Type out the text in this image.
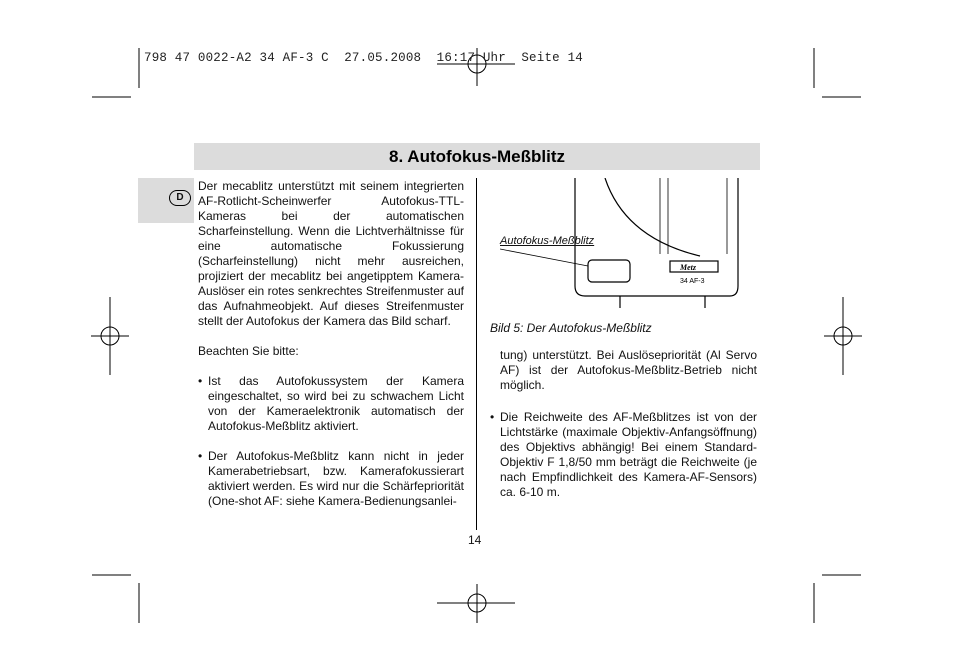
798 47 0022-A2 34 AF-3 C  27.05.2008  16:17 Uhr  Seite 14
8. Autofokus-Meßblitz
D
Der mecablitz unterstützt mit seinem integrierten AF-Rotlicht-Scheinwerfer Autofokus-TTL-Kameras bei der automatischen Scharfeinstellung. Wenn die Lichtverhältnisse für eine automatische Fokussierung (Scharfeinstellung) nicht mehr ausreichen, projiziert der mecablitz bei angetipptem Kamera-Auslöser ein rotes senkrechtes Streifenmuster auf das Aufnahmeobjekt. Auf dieses Streifenmuster stellt der Autofokus der Kamera das Bild scharf.
Beachten Sie bitte:
• Ist das Autofokussystem der Kamera eingeschaltet, so wird bei zu schwachem Licht von der Kameraelektronik automatisch der Autofokus-Meßblitz aktiviert.
• Der Autofokus-Meßblitz kann nicht in jeder Kamerabetriebsart, bzw. Kamerafokussierart aktiviert werden. Es wird nur die Schärfepriorität (One-shot AF: siehe Kamera-Bedienungsanlei-
Metz
34 AF-3
Autofokus-Meßblitz
Bild 5: Der Autofokus-Meßblitz
tung) unterstützt. Bei Auslösepriorität (Al Servo AF) ist der Autofokus-Meßblitz-Betrieb nicht möglich.
• Die Reichweite des AF-Meßblitzes ist von der Lichtstärke (maximale Objektiv-Anfangsöffnung) des Objektivs abhängig! Bei einem Standard-Objektiv F 1,8/50 mm beträgt die Reichweite (je nach Empfindlichkeit des Kamera-AF-Sensors) ca. 6-10 m.
14
